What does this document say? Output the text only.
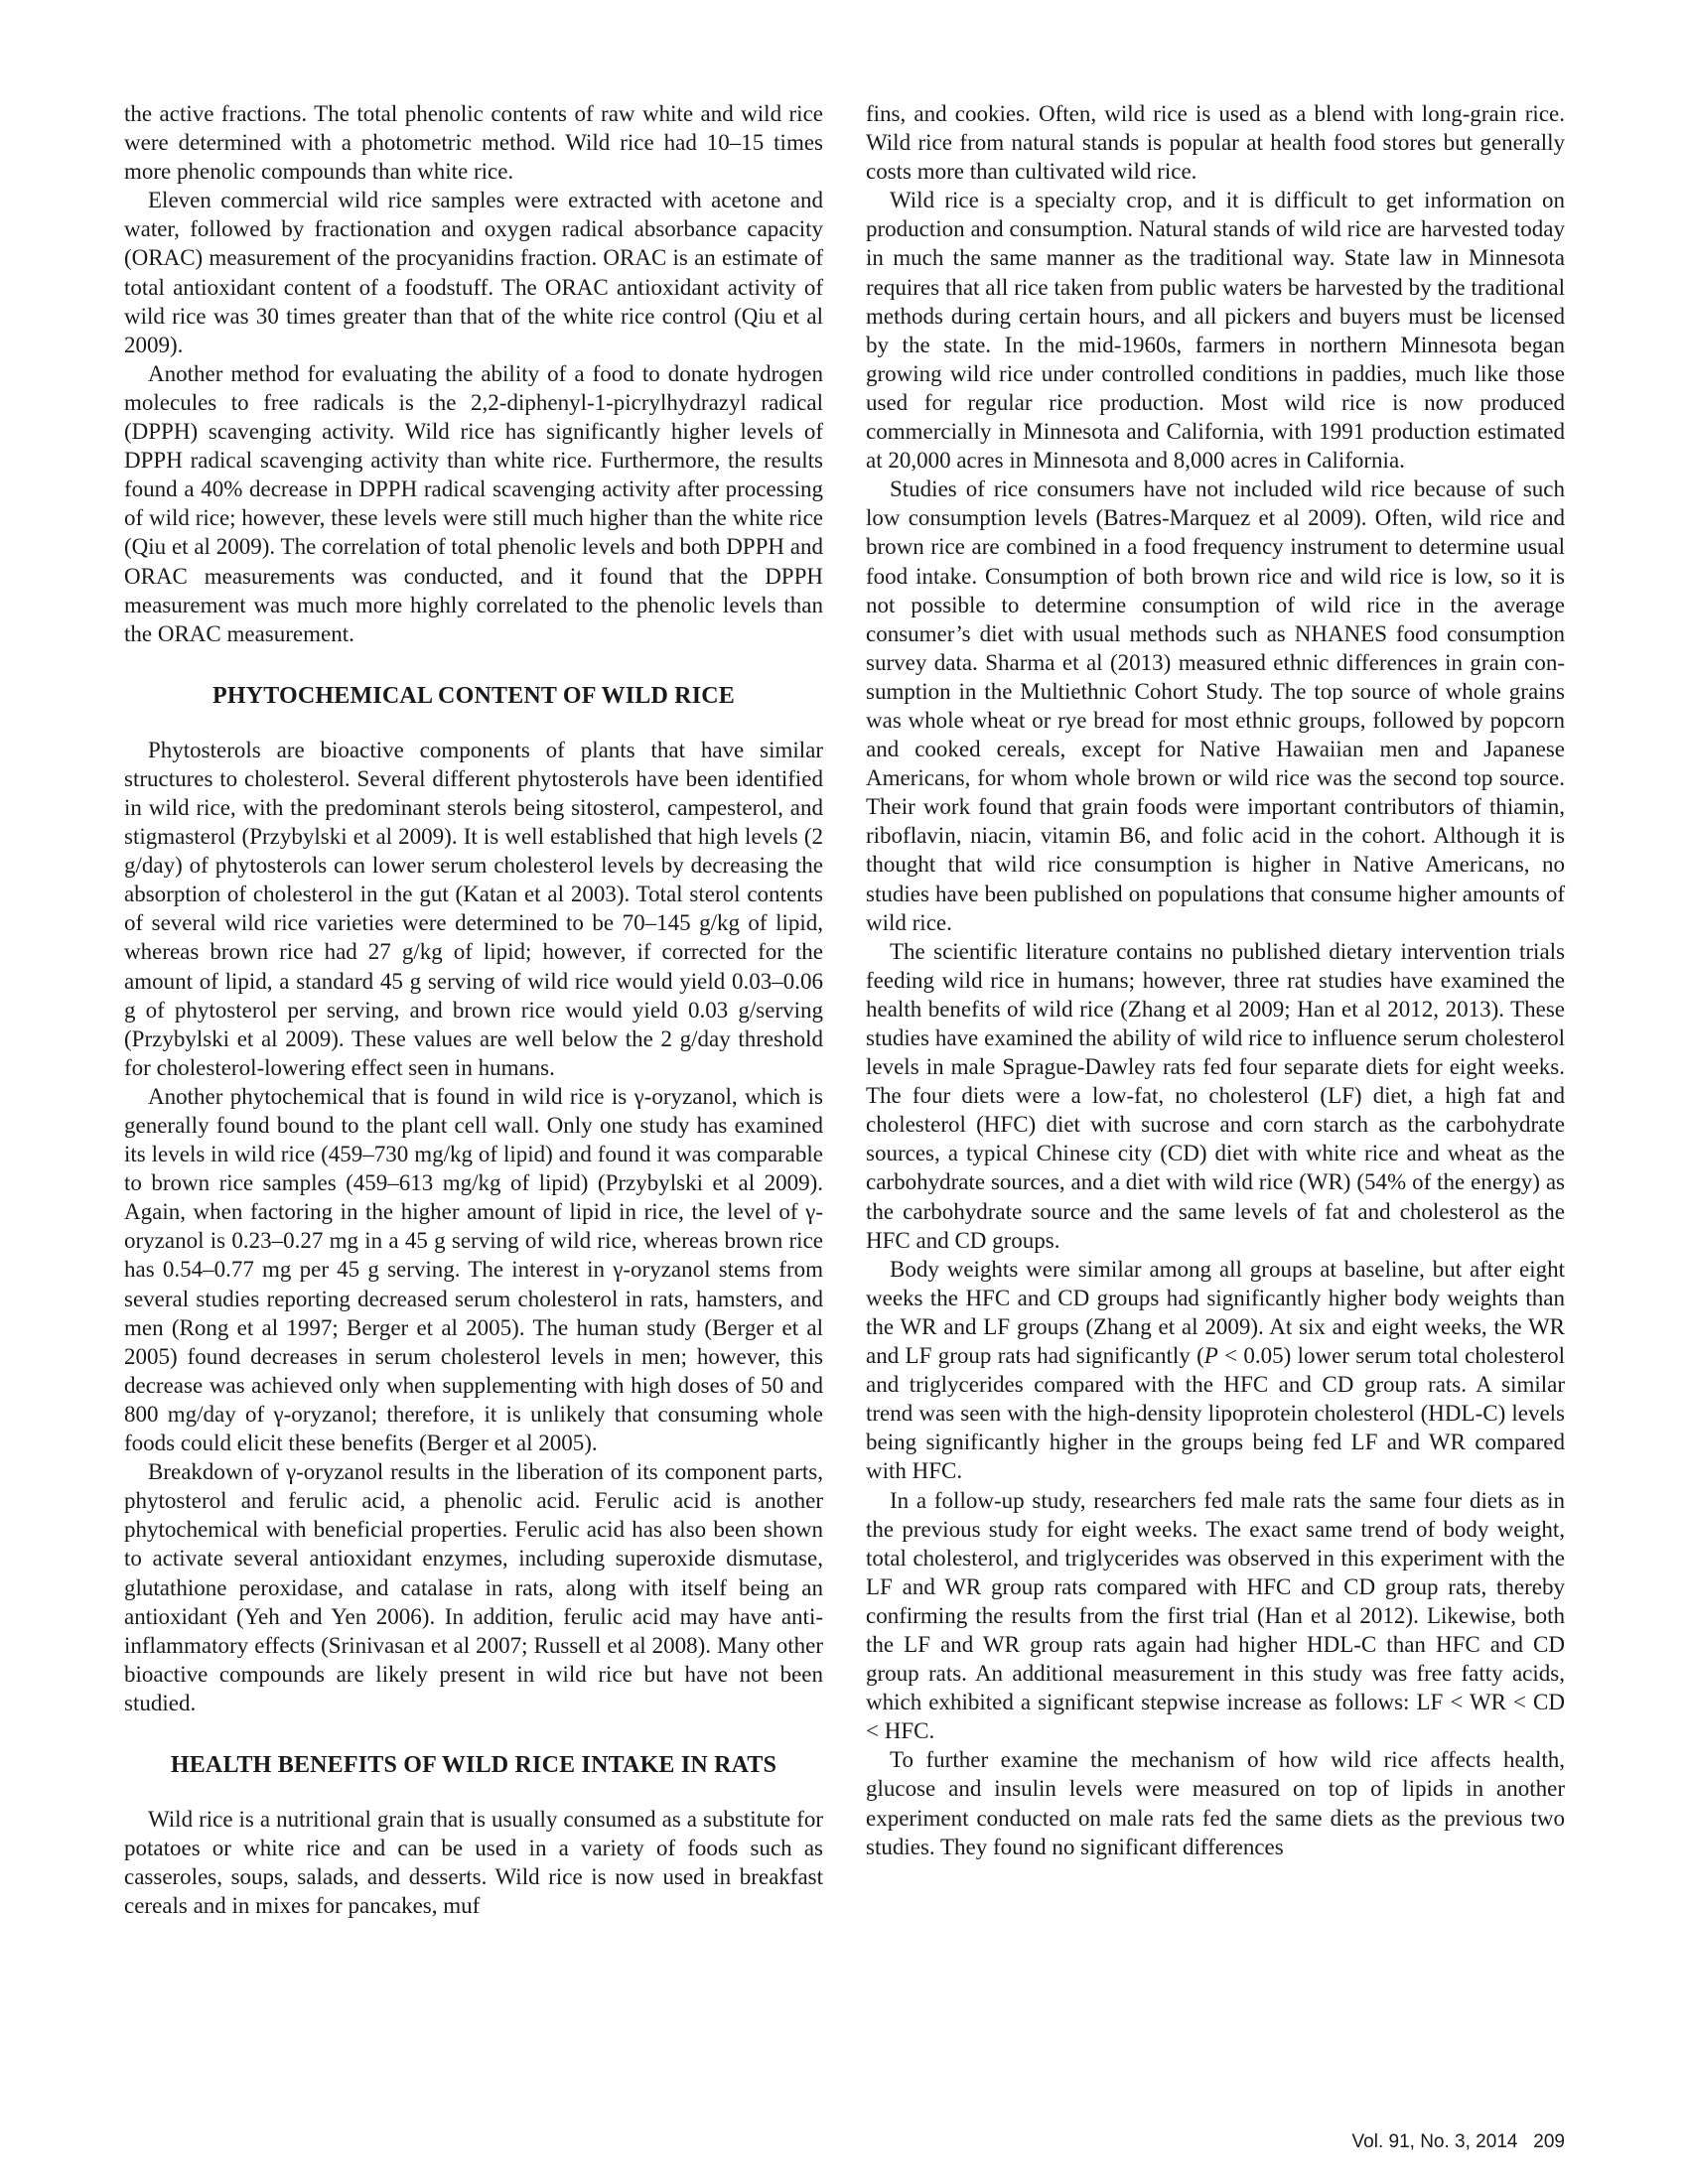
the active fractions. The total phenolic contents of raw white and wild rice were determined with a photometric method. Wild rice had 10–15 times more phenolic compounds than white rice.

Eleven commercial wild rice samples were extracted with acetone and water, followed by fractionation and oxygen radical absorbance capacity (ORAC) measurement of the procyanidins fraction. ORAC is an estimate of total antioxidant content of a foodstuff. The ORAC antioxidant activity of wild rice was 30 times greater than that of the white rice control (Qiu et al 2009).

Another method for evaluating the ability of a food to donate hydrogen molecules to free radicals is the 2,2-diphenyl-1-picrylhydrazyl radical (DPPH) scavenging activity. Wild rice has significantly higher levels of DPPH radical scavenging activity than white rice. Furthermore, the results found a 40% decrease in DPPH radical scavenging activity after processing of wild rice; however, these levels were still much higher than the white rice (Qiu et al 2009). The correlation of total phenolic levels and both DPPH and ORAC measurements was conducted, and it found that the DPPH measurement was much more highly correlated to the phenolic levels than the ORAC measurement.

PHYTOCHEMICAL CONTENT OF WILD RICE

Phytosterols are bioactive components of plants that have similar structures to cholesterol. Several different phytosterols have been identified in wild rice, with the predominant sterols being sitosterol, campesterol, and stigmasterol (Przybylski et al 2009). It is well established that high levels (2 g/day) of phytosterols can lower serum cholesterol levels by decreasing the absorption of cholesterol in the gut (Katan et al 2003). Total sterol contents of several wild rice varieties were determined to be 70–145 g/kg of lipid, whereas brown rice had 27 g/kg of lipid; however, if corrected for the amount of lipid, a standard 45 g serving of wild rice would yield 0.03–0.06 g of phytosterol per serving, and brown rice would yield 0.03 g/serving (Przybylski et al 2009). These values are well below the 2 g/day threshold for cholesterol-lowering effect seen in humans.

Another phytochemical that is found in wild rice is γ-oryzanol, which is generally found bound to the plant cell wall. Only one study has examined its levels in wild rice (459–730 mg/kg of lipid) and found it was comparable to brown rice samples (459–613 mg/kg of lipid) (Przybylski et al 2009). Again, when factoring in the higher amount of lipid in rice, the level of γ-oryzanol is 0.23–0.27 mg in a 45 g serving of wild rice, whereas brown rice has 0.54–0.77 mg per 45 g serving. The interest in γ-oryzanol stems from several studies reporting decreased serum cholesterol in rats, hamsters, and men (Rong et al 1997; Berger et al 2005). The human study (Berger et al 2005) found decreases in serum cholesterol levels in men; however, this decrease was achieved only when supplementing with high doses of 50 and 800 mg/day of γ-oryzanol; therefore, it is unlikely that consuming whole foods could elicit these benefits (Berger et al 2005).

Breakdown of γ-oryzanol results in the liberation of its component parts, phytosterol and ferulic acid, a phenolic acid. Ferulic acid is another phytochemical with beneficial properties. Ferulic acid has also been shown to activate several antioxidant enzymes, including superoxide dismutase, glutathione peroxidase, and catalase in rats, along with itself being an antioxidant (Yeh and Yen 2006). In addition, ferulic acid may have anti-inflammatory effects (Srinivasan et al 2007; Russell et al 2008). Many other bioactive compounds are likely present in wild rice but have not been studied.

HEALTH BENEFITS OF WILD RICE INTAKE IN RATS

Wild rice is a nutritional grain that is usually consumed as a substitute for potatoes or white rice and can be used in a variety of foods such as casseroles, soups, salads, and desserts. Wild rice is now used in breakfast cereals and in mixes for pancakes, muf

fins, and cookies. Often, wild rice is used as a blend with long-grain rice. Wild rice from natural stands is popular at health food stores but generally costs more than cultivated wild rice.

Wild rice is a specialty crop, and it is difficult to get information on production and consumption. Natural stands of wild rice are harvested today in much the same manner as the traditional way. State law in Minnesota requires that all rice taken from public waters be harvested by the traditional methods during certain hours, and all pickers and buyers must be licensed by the state. In the mid-1960s, farmers in northern Minnesota began growing wild rice under controlled conditions in paddies, much like those used for regular rice production. Most wild rice is now produced commercially in Minnesota and California, with 1991 production estimated at 20,000 acres in Minnesota and 8,000 acres in California.

Studies of rice consumers have not included wild rice because of such low consumption levels (Batres-Marquez et al 2009). Often, wild rice and brown rice are combined in a food frequency instrument to determine usual food intake. Consumption of both brown rice and wild rice is low, so it is not possible to determine consumption of wild rice in the average consumer’s diet with usual methods such as NHANES food consumption survey data. Sharma et al (2013) measured ethnic differences in grain consumption in the Multiethnic Cohort Study. The top source of whole grains was whole wheat or rye bread for most ethnic groups, followed by popcorn and cooked cereals, except for Native Hawaiian men and Japanese Americans, for whom whole brown or wild rice was the second top source. Their work found that grain foods were important contributors of thiamin, riboflavin, niacin, vitamin B6, and folic acid in the cohort. Although it is thought that wild rice consumption is higher in Native Americans, no studies have been published on populations that consume higher amounts of wild rice.

The scientific literature contains no published dietary intervention trials feeding wild rice in humans; however, three rat studies have examined the health benefits of wild rice (Zhang et al 2009; Han et al 2012, 2013). These studies have examined the ability of wild rice to influence serum cholesterol levels in male Sprague-Dawley rats fed four separate diets for eight weeks. The four diets were a low-fat, no cholesterol (LF) diet, a high fat and cholesterol (HFC) diet with sucrose and corn starch as the carbohydrate sources, a typical Chinese city (CD) diet with white rice and wheat as the carbohydrate sources, and a diet with wild rice (WR) (54% of the energy) as the carbohydrate source and the same levels of fat and cholesterol as the HFC and CD groups.

Body weights were similar among all groups at baseline, but after eight weeks the HFC and CD groups had significantly higher body weights than the WR and LF groups (Zhang et al 2009). At six and eight weeks, the WR and LF group rats had significantly (P < 0.05) lower serum total cholesterol and triglycerides compared with the HFC and CD group rats. A similar trend was seen with the high-density lipoprotein cholesterol (HDL-C) levels being significantly higher in the groups being fed LF and WR compared with HFC.

In a follow-up study, researchers fed male rats the same four diets as in the previous study for eight weeks. The exact same trend of body weight, total cholesterol, and triglycerides was observed in this experiment with the LF and WR group rats compared with HFC and CD group rats, thereby confirming the results from the first trial (Han et al 2012). Likewise, both the LF and WR group rats again had higher HDL-C than HFC and CD group rats. An additional measurement in this study was free fatty acids, which exhibited a significant stepwise increase as follows: LF < WR < CD < HFC.

To further examine the mechanism of how wild rice affects health, glucose and insulin levels were measured on top of lipids in another experiment conducted on male rats fed the same diets as the previous two studies. They found no significant differences

Vol. 91, No. 3, 2014 209
